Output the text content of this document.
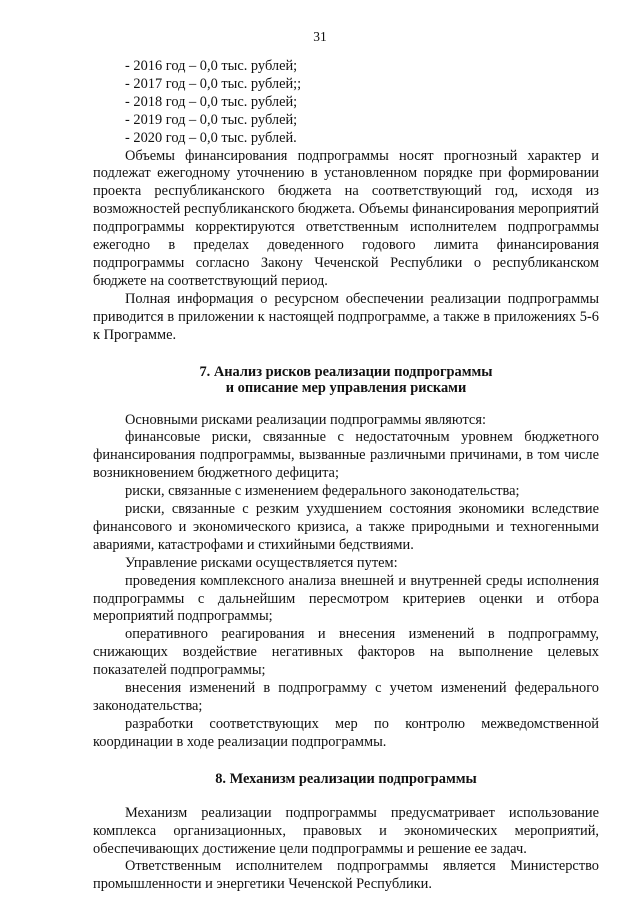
31
- 2016 год – 0,0 тыс. рублей;
- 2017 год – 0,0 тыс. рублей;;
- 2018 год – 0,0 тыс. рублей;
- 2019 год – 0,0 тыс. рублей;
- 2020 год – 0,0 тыс. рублей.

Объемы финансирования подпрограммы носят прогнозный характер и подлежат ежегодному уточнению в установленном порядке при формировании проекта республиканского бюджета на соответствующий год, исходя из возможностей республиканского бюджета. Объемы финансирования мероприятий подпрограммы корректируются ответственным исполнителем подпрограммы ежегодно в пределах доведенного годового лимита финансирования подпрограммы согласно Закону Чеченской Республики о республиканском бюджете на соответствующий период.

Полная информация о ресурсном обеспечении реализации подпрограммы приводится в приложении к настоящей подпрограмме, а также в приложениях 5-6 к Программе.

7. Анализ рисков реализации подпрограммы
и описание мер управления рисками

Основными рисками реализации подпрограммы являются:

финансовые риски, связанные с недостаточным уровнем бюджетного финансирования подпрограммы, вызванные различными причинами, в том числе возникновением бюджетного дефицита;

риски, связанные с изменением федерального законодательства;

риски, связанные с резким ухудшением состояния экономики вследствие финансового и экономического кризиса, а также природными и техногенными авариями, катастрофами и стихийными бедствиями.

Управление рисками осуществляется путем:

проведения комплексного анализа внешней и внутренней среды исполнения подпрограммы с дальнейшим пересмотром критериев оценки и отбора мероприятий подпрограммы;

оперативного реагирования и внесения изменений в подпрограмму, снижающих воздействие негативных факторов на выполнение целевых показателей подпрограммы;

внесения изменений в подпрограмму с учетом изменений федерального законодательства;

разработки соответствующих мер по контролю межведомственной координации в ходе реализации подпрограммы.

8. Механизм реализации подпрограммы

Механизм реализации подпрограммы предусматривает использование комплекса организационных, правовых и экономических мероприятий, обеспечивающих достижение цели подпрограммы и решение ее задач.

Ответственным исполнителем подпрограммы является Министерство промышленности и энергетики Чеченской Республики.
